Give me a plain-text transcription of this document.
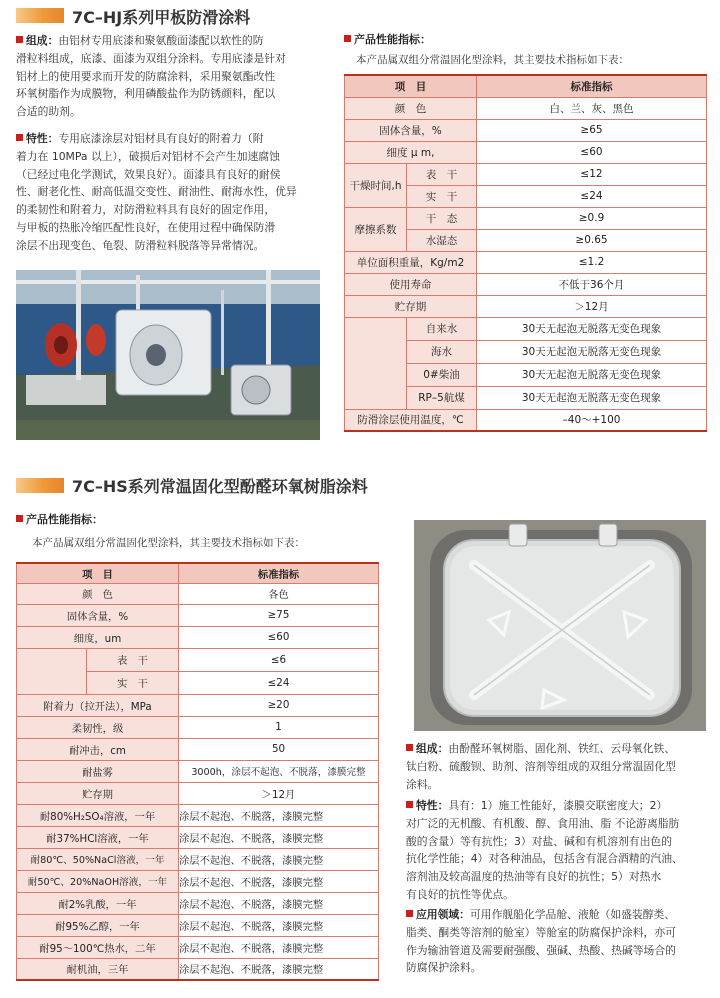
7C–HJ系列甲板防滑涂料
组成：由铝材专用底漆和聚氨酸面漆配以软性的防
滑粒料组成，底漆、面漆为双组分涂料。专用底漆是针对
铝材上的使用要求而开发的防腐涂料，采用聚氨酯改性
环氧树脂作为成膜物，利用磷酸盐作为防锈颜料，配以
合适的助剂。
特性：专用底漆涂层对铝材具有良好的附着力（附
着力在 10MPa 以上），破损后对铝材不会产生加速腐蚀
（已经过电化学测试，效果良好）。面漆具有良好的耐侯
性、耐老化性、耐高低温交变性、耐油性、耐海水性，优异
的柔韧性和附着力，对防滑粒料具有良好的固定作用，
与甲板的热胀冷缩匹配性良好，在使用过程中确保防滑
涂层不出现变色、龟裂、防滑粒料脱落等异常情况。
产品性能指标：
本产品属双组分常温固化型涂料，其主要技术指标如下表：
项　目		标准指标
颜　色		白、兰、灰、黑色
固体含量，%		≥65
细度 μ m,		≤60
干燥时间,h	表　干	≤12
	实　干	≤24
摩擦系数	干　态	≥0.9
	水湿态	≥0.65
单位面积重量，Kg/m2		≤1.2
使用寿命		不低于36个月
贮存期		＞12月
	自来水	30天无起泡无脱落无变色现象
	海水	30天无起泡无脱落无变色现象
	0#柴油	30天无起泡无脱落无变色现象
	RP–5航煤	30天无起泡无脱落无变色现象
防滑涂层使用温度，℃		–40～+100
7C–HS系列常温固化型酚醛环氧树脂涂料
产品性能指标：
本产品属双组分常温固化型涂料，其主要技术指标如下表：
项　目		标准指标
颜　色		各色
固体含量，%		≥75
细度，um		≤60
	表　干	≤6
	实　干	≤24
附着力（拉开法），MPa		≥20
柔韧性，级		1
耐冲击，cm		50
耐盐雾		3000h，涂层不起泡、不脱落，漆膜完整
贮存期		＞12月
耐80%H₂SO₄溶液，一年		涂层不起泡、不脱落，漆膜完整
耐37%HCl溶液，一年		涂层不起泡、不脱落，漆膜完整
耐80℃、50%NaCl溶液，一年		涂层不起泡、不脱落，漆膜完整
耐50℃、20%NaOH溶液，一年		涂层不起泡、不脱落，漆膜完整
耐2%乳酸，一年		涂层不起泡、不脱落，漆膜完整
耐95%乙醇，一年		涂层不起泡、不脱落，漆膜完整
耐95～100℃热水，二年		涂层不起泡、不脱落，漆膜完整
耐机油，三年		涂层不起泡、不脱落，漆膜完整
组成：由酚醛环氧树脂、固化剂、铁红、云母氧化铁、
钛白粉、硫酸钡、助剂、溶剂等组成的双组分常温固化型
涂料。
特性：具有：1）施工性能好，漆膜交联密度大；2）
对广泛的无机酸、有机酸、醇、食用油、脂 不论游离脂肪
酸的含量）等有抗性；3）对盐、碱和有机溶剂有出色的
抗化学性能；4）对各种油品，包括含有混合酒精的汽油、
溶剂油及较高温度的热油等有良好的抗性；5）对热水
有良好的抗性等优点。
应用领域：可用作舰船化学品舱、液舱（如盛装醇类、
脂类、酮类等溶剂的舱室）等舱室的防腐保护涂料，亦可
作为输油管道及需要耐强酸、强碱、热酸、热碱等场合的
防腐保护涂料。
